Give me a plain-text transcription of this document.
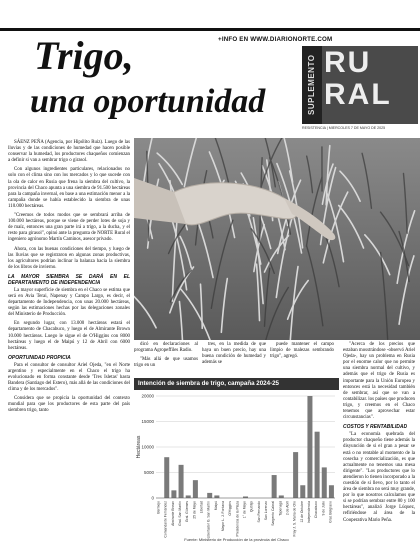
+INFO EN WWW.DIARIONORTE.COM
Trigo,
una oportunidad	SUPLEMENTO RU
RAL
RESISTENCIA | MIERCOLES 7 DE MAYO DE 2025

SÁENZ PEÑA (Agencia, por Hipólito Ruiz). Luego de las lluvias y de las condiciones de humedad que hacen posible conservar la humedad, los productores chaqueños comienzan a definir si van a sembrar trigo o girasol.

Con algunos ingredientes particulares, relacionados no solo con el clima sino con los mercados y lo que sucede con la ola de calor en Rusia que frena la siembra del cultivo, la provincia del Chaco apunta a una siembra de 91.500 hectáreas para la campaña invernal, en base a una estimación menor a la campaña donde se había establecido la siembra de unas 110.000 hectáreas.

"Creemos de todos modos que se sembrará arriba de 100.000 hectáreas, porque se viene de perder lotes de soja y de maíz, entonces una gran parte irá a trigo, a la ducha, y el resto para girasol", opinó ante la pregunta de NORTE Rural el ingeniero agrónomo Martín Caminos, asesor privado.

Ahora, con las buenas condiciones del tiempo, y luego de las lluvias que se registraron en algunas zonas productivas, los agricultores podrían inclinar la balanza hacia la siembra de los libros de invierno.

LA MAYOR SIEMBRA SE DARÁ EN EL DEPARTAMENTO DE INDEPENDENCIA

La mayor superficie de siembra en el Chaco se estima que será en Avia Terai, Napenay y Campo Largo, es decir, el departamento de Independencia, con unas 20.000 hectáreas, según las estimaciones hechas por las delegaciones zonales del Ministerio de Producción.

En segundo lugar, con 13.000 hectáreas estará el departamento de Chacabuco, y luego el de Almirante Brown 10.000 hectáreas. Luego le sigue el de O'Higgins con 8000 hectáreas y luego el de Maipú y 12 de Abril con 6000 hectáreas.

OPORTUNIDAD PROPICIA

Para el consultor de consultor Ariel Ojeda, "en el Norte argentino y especialmente en el Chaco el trigo ha evolucionado en forma constante desde 'Tres Isletas' hasta Bandera (Santiago del Estero), más allá de las condiciones del clima y de los mercados".

Considera que se propicia la oportunidad del contexto mundial para que los productores de esta parte del país siembren trigo, tanto

dicó en declaraciones al programa Agropeffiles Radio.

"Más allá de que usamos trigo en un

tres, en la medida de que haya un buen precio, hay una buena condición de humedad y además se

puede mantener el campo limpio de malezas sembrando trigo", agregó.

"Acerca de los precios que estaban mosstrándose -observó Ariel Ojeda-, hay un problema en Rusia por el enorme calor que no permite una siembra normal del cultivo, y además que el trigo de Rusia es importante para la Unión Europea y entonces está la necesidad también de sembrar, así que se van a contabilizar. los países que producen trigo, y creemos en el Chaco tenemos que aprovechar estar circunstancias".

COSTOS Y RENTABILIDAD

"La economía quebrada del productor chaqueño tiene además la disyunción de si el gran a pesar se está o no rentable al momento de la cosecha y comercialización, es que actualmente no tenemos una mesa dirigente". "Los productores que lo atendieron lo tienen incorporado a la cuestión de si llevo, por lo tanto el área de siembra no será muy grande, por lo que nosotros calculamos que si se podrían sembrar entre 80 y 100 hectáreas", analizó Jorge Lúquez, refiriéndose al área de la Cooperativa Mario Peña.

0
5000
10000
15000
20000
Hectáreas
Bermejo Comandante Fernández Almirante Brown Gral. San Martín Gral. Güemes 25 de Mayo Libertad Libertador G. San Martín Maipú Mayor L. J. Fontana O'Higgins Presidencia de la Plaza 1° de Mayo Quitilipi San Fernando San Lorenzo Sargento Cabral Tapenagá 2 de Abril Fray J. S. María de Oro 12 de Octubre Independencia Chacabuco 9 de Julio Gral. Belgrano
Intención de siembra de trigo, campaña 2024-25
Fuente: Ministerio de Producción de la provincia del Chaco
